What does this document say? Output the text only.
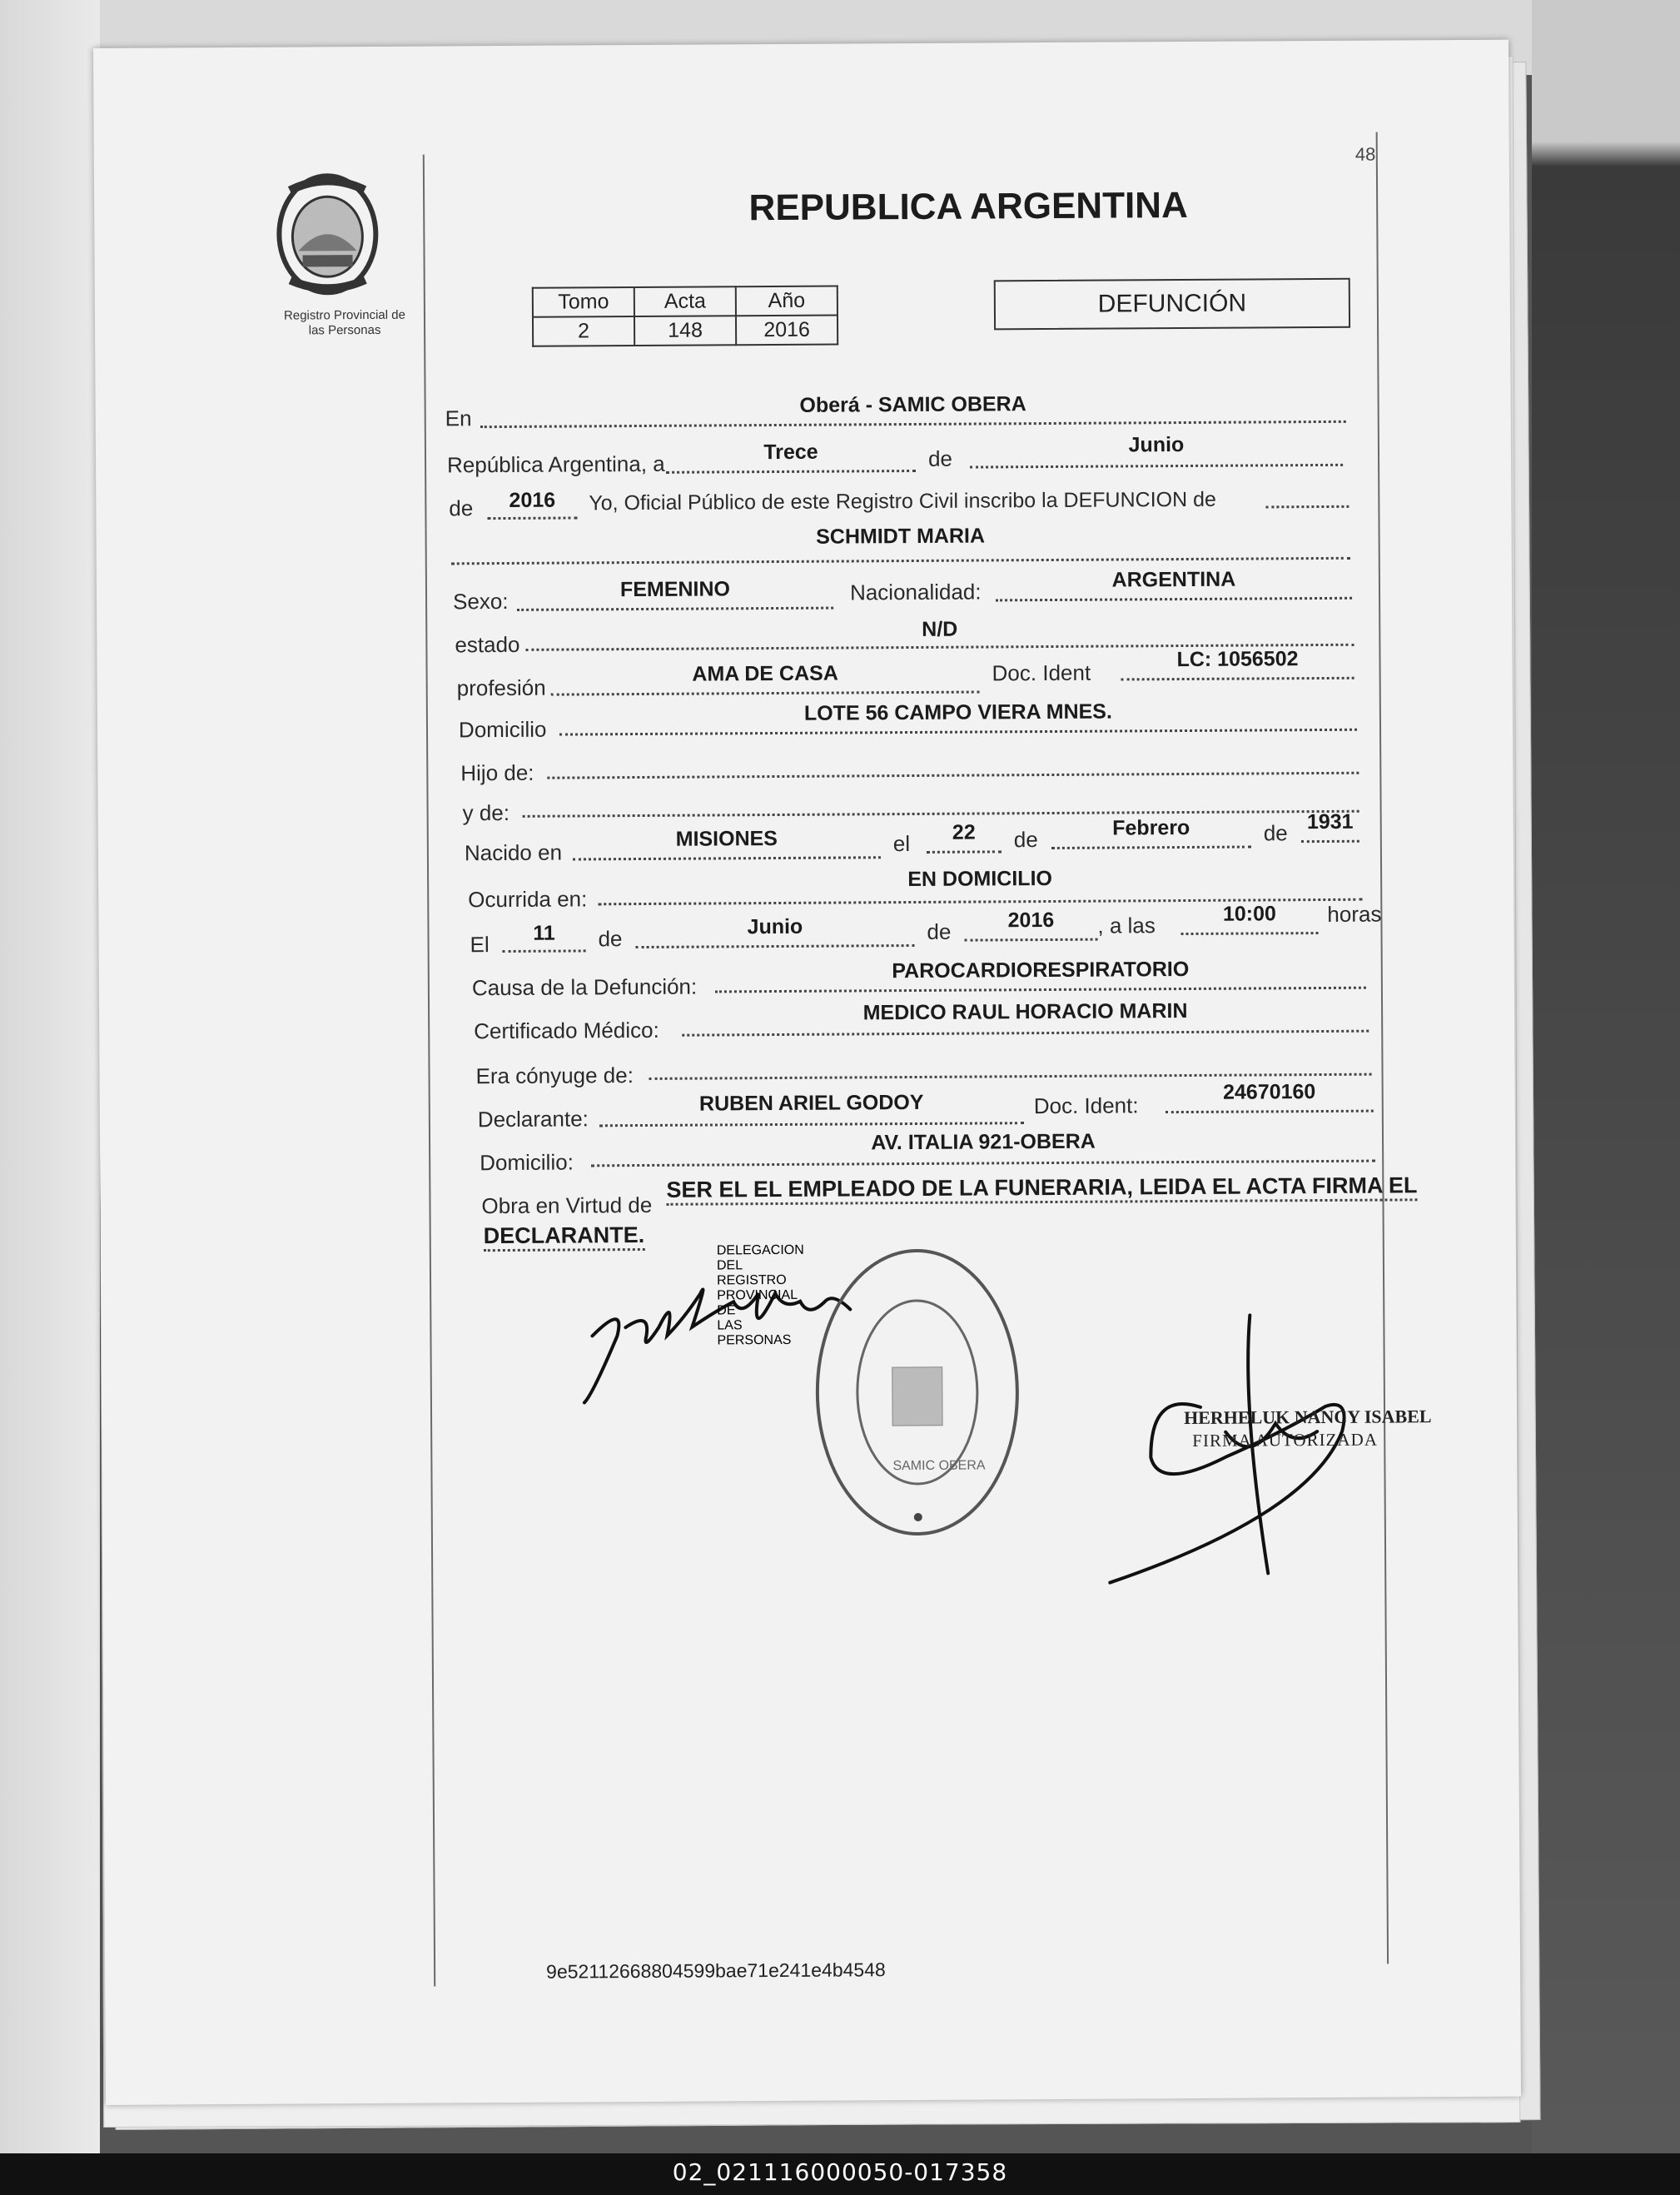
Registro Provincial de
las Personas
48
REPUBLICA ARGENTINA
Tomo	Acta	Año
2	148	2016
DEFUNCIÓN
En
Oberá - SAMIC OBERA
República Argentina, a	Trece	de
Junio
de	2016	Yo, Oficial Público de este Registro Civil inscribo la DEFUNCION de
SCHMIDT MARIA
Sexo:	FEMENINO	Nacionalidad:	ARGENTINA
estado
N/D
profesión
AMA DE CASA	Doc. Ident
LC: 1056502
Domicilio
LOTE 56 CAMPO VIERA MNES.
Hijo de:
y de:
Nacido en
MISIONES	el	22	de	Febrero	de 1931
Ocurrida en:
EN DOMICILIO
El	11	de	Junio	de	2016	, a las	10:00	horas
Causa de la Defunción:
PAROCARDIORESPIRATORIO
Certificado Médico:
MEDICO RAUL HORACIO MARIN
Era cónyuge de:
Declarante:
RUBEN ARIEL GODOY	Doc. Ident:
24670160
Domicilio:
AV. ITALIA 921-OBERA
Obra en Virtud de
SER EL EL EMPLEADO DE LA FUNERARIA, LEIDA EL ACTA FIRMA EL
DECLARANTE.
DELEGACION DEL REGISTRO PROVINCIAL DE LAS PERSONAS
SAMIC OBERA
HERHELUK NANCY ISABEL
FIRMA AUTORIZADA
9e52112668804599bae71e241e4b4548
02_021116000050-017358
